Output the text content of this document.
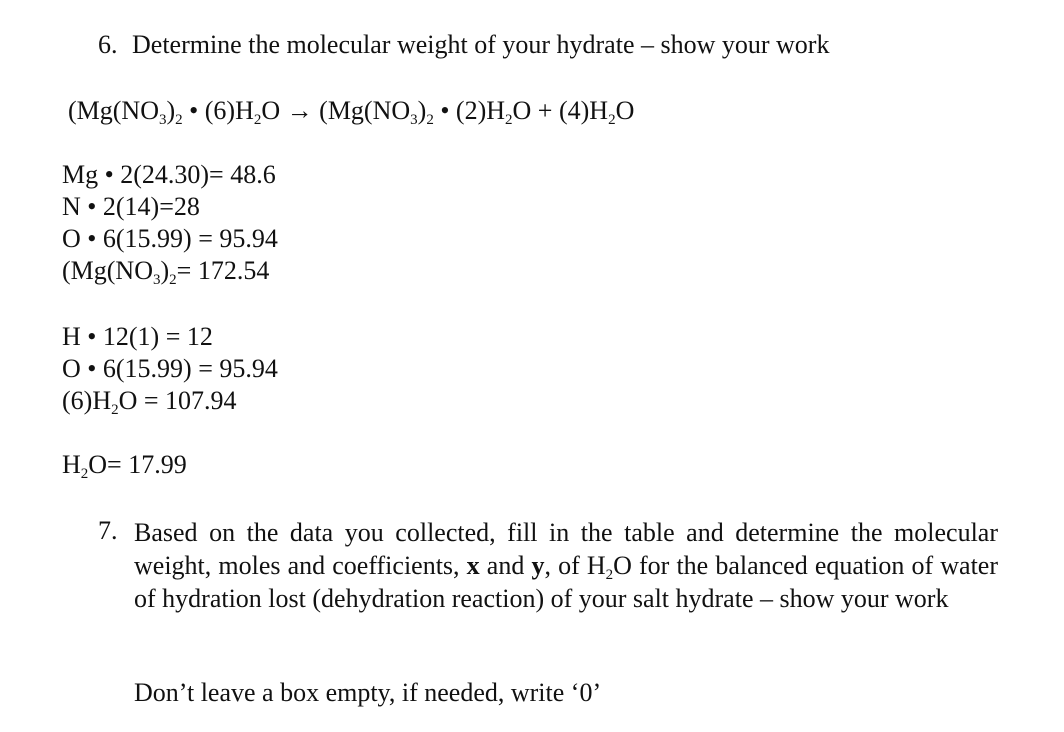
6. Determine the molecular weight of your hydrate – show your work
($Mg(NO_3)_2$ • $(6)H_2O \to (Mg(NO_3)_2$ • $(2)H_2O + (4)H_2O$
Mg • 2(24.30)= 48.6
N • 2(14)=28
O • 6(15.99) = 95.94
($Mg(NO_3)_2= 172.54$
H • 12(1) = 12
O • 6(15.99) = 95.94
$(6)H_2O = 107.94$
$H_2O= 17.99$
7. Based on the data you collected, fill in the table and determine the molecular weight, moles and coefficients, x and y, of $H_2O$ for the balanced equation of water of hydration lost (dehydration reaction) of your salt hydrate – show your work
Don’t leave a box empty, if needed, write ‘0’
